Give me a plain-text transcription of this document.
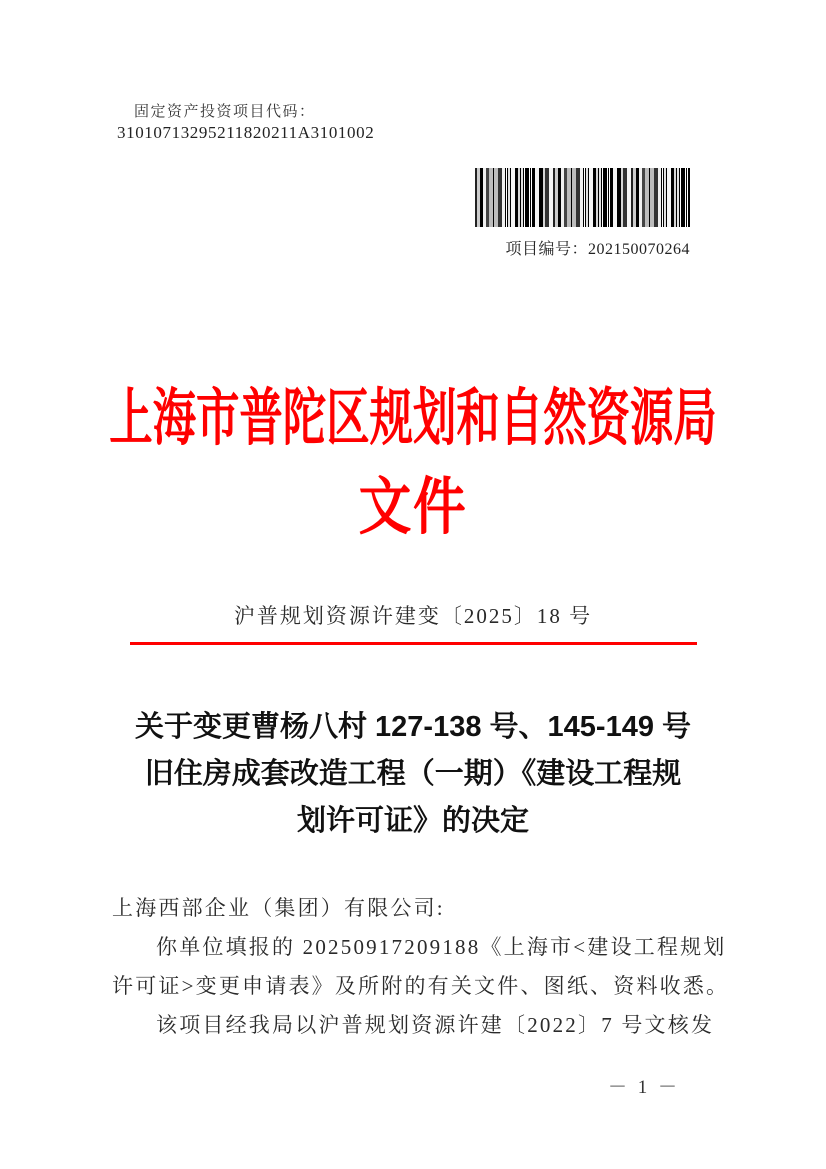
固定资产投资项目代码：
31010713295211820211A3101002
项目编号：202150070264
上海市普陀区规划和自然资源局
文件
沪普规划资源许建变〔2025〕18 号
关于变更曹杨八村 127-138 号、145-149 号
旧住房成套改造工程（一期）《建设工程规
划许可证》的决定
上海西部企业（集团）有限公司:
你单位填报的 20250917209188《上海市<建设工程规划
许可证>变更申请表》及所附的有关文件、图纸、资料收悉。
该项目经我局以沪普规划资源许建〔2022〕7 号文核发
－ 1 －
